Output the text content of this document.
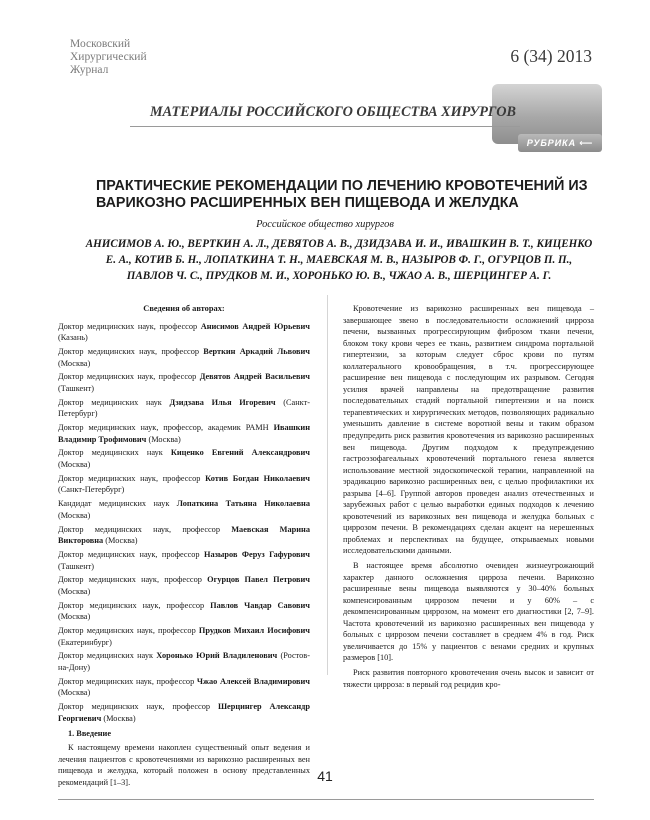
Московский
Хирургический
Журнал
6 (34) 2013
МАТЕРИАЛЫ РОССИЙСКОГО ОБЩЕСТВА ХИРУРГОВ
РУБРИКА ⟵
ПРАКТИЧЕСКИЕ РЕКОМЕНДАЦИИ ПО ЛЕЧЕНИЮ КРОВОТЕЧЕНИЙ ИЗ ВАРИКОЗНО РАСШИРЕННЫХ ВЕН ПИЩЕВОДА И ЖЕЛУДКА
Российское общество хирургов
АНИСИМОВ А. Ю., ВЕРТКИН А. Л., ДЕВЯТОВ А. В., ДЗИДЗАВА И. И., ИВАШКИН В. Т., КИЦЕНКО Е. А., КОТИВ Б. Н., ЛОПАТКИНА Т. Н., МАЕВСКАЯ М. В., НАЗЫРОВ Ф. Г., ОГУРЦОВ П. П., ПАВЛОВ Ч. С., ПРУДКОВ М. И., ХОРОНЬКО Ю. В., ЧЖАО А. В., ШЕРЦИНГЕР А. Г.
Сведения об авторах:
Доктор медицинских наук, профессор Анисимов Андрей Юрьевич (Казань)
Доктор медицинских наук, профессор Верткин Аркадий Львович (Москва)
Доктор медицинских наук, профессор Девятов Андрей Васильевич (Ташкент)
Доктор медицинских наук Дзидзава Илья Игоревич (Санкт-Петербург)
Доктор медицинских наук, профессор, академик РАМН Ивашкин Владимир Трофимович (Москва)
Доктор медицинских наук Киценко Евгений Александрович (Москва)
Доктор медицинских наук, профессор Котив Богдан Николаевич (Санкт-Петербург)
Кандидат медицинских наук Лопаткина Татьяна Николаевна (Москва)
Доктор медицинских наук, профессор Маевская Марина Викторовна (Москва)
Доктор медицинских наук, профессор Назыров Феруз Гафурович (Ташкент)
Доктор медицинских наук, профессор Огурцов Павел Петрович (Москва)
Доктор медицинских наук, профессор Павлов Чавдар Савович (Москва)
Доктор медицинских наук, профессор Прудков Михаил Иосифович (Екатеринбург)
Доктор медицинских наук Хоронько Юрий Владиленович (Ростов-на-Дону)
Доктор медицинских наук, профессор Чжао Алексей Владимирович (Москва)
Доктор медицинских наук, профессор Шерцингер Александр Георгиевич (Москва)
1. Введение
К настоящему времени накоплен существенный опыт ведения и лечения пациентов с кровотечениями из варикозно расширенных вен пищевода и желудка, который положен в основу представленных рекомендаций [1–3].
Кровотечение из варикозно расширенных вен пищевода – завершающее звено в последовательности осложнений цирроза печени, вызванных прогрессирующим фиброзом ткани печени, блоком току крови через ее ткань, развитием синдрома портальной гипертензии, за которым следует сброс крови по путям коллатерального кровообращения, в т.ч. прогрессирующее расширение вен пищевода с последующим их разрывом. Сегодня усилия врачей направлены на предотвращение развития последовательных стадий портальной гипертензии и на поиск терапевтических и хирургических методов, позволяющих радикально уменьшить давление в системе воротной вены и таким образом предупредить риск развития кровотечения из варикозно расширенных вен пищевода. Другим подходом к предупреждению гастроэзофагеальных кровотечений портального генеза является использование местной эндоскопической терапии, направленной на эрадикацию варикозно расширенных вен, с целью профилактики их разрыва [4–6]. Группой авторов проведен анализ отечественных и зарубежных работ с целью выработки единых подходов к лечению кровотечений из варикозных вен пищевода и желудка больных с циррозом печени. В рекомендациях сделан акцент на нерешенных проблемах и перспективах на будущее, открываемых новыми исследовательскими данными.
В настоящее время абсолютно очевиден жизнеугрожающий характер данного осложнения цирроза печени. Варикозно расширенные вены пищевода выявляются у 30–40% больных компенсированным циррозом печени и у 60% – с декомпенсированным циррозом, на момент его диагностики [2, 7–9]. Частота кровотечений из варикозно расширенных вен пищевода у больных с циррозом печени составляет в среднем 4% в год. Риск увеличивается до 15% у пациентов с венами средних и крупных размеров [10].
Риск развития повторного кровотечения очень высок и зависит от тяжести цирроза: в первый год рецидив кро-
41
